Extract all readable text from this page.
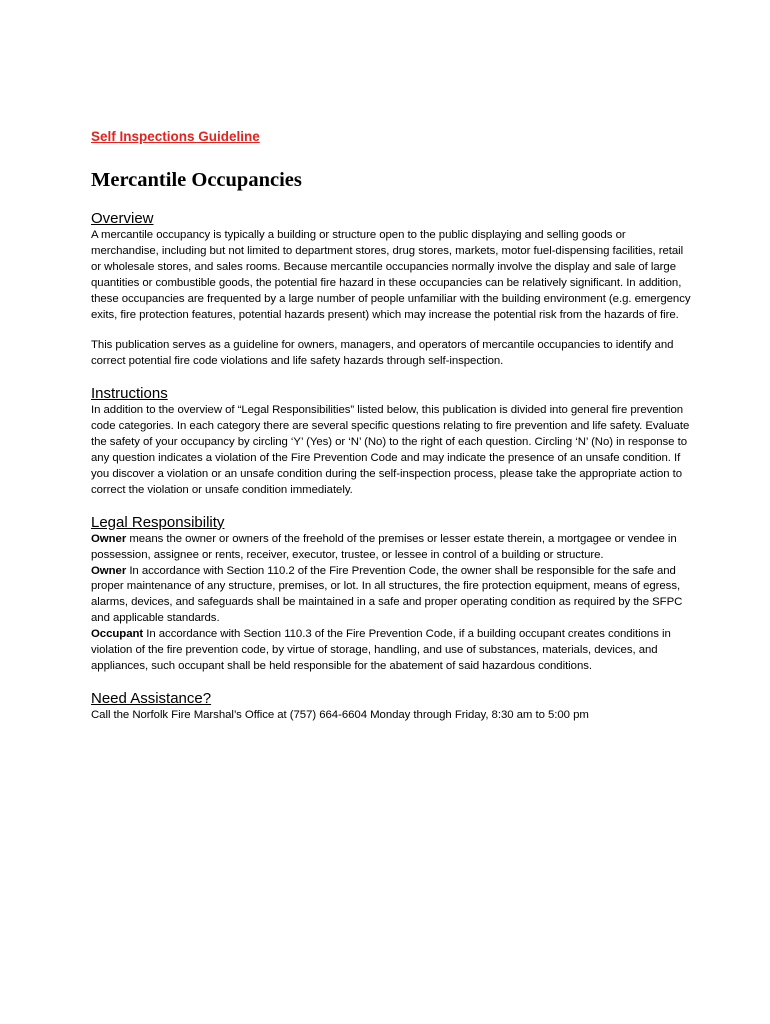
Self Inspections Guideline

Mercantile Occupancies
Overview

A mercantile occupancy is typically a building or structure open to the public displaying and selling goods or merchandise, including but not limited to department stores, drug stores, markets, motor fuel-dispensing facilities, retail or wholesale stores, and sales rooms. Because mercantile occupancies normally involve the display and sale of large quantities or combustible goods, the potential fire hazard in these occupancies can be relatively significant. In addition, these occupancies are frequented by a large number of people unfamiliar with the building environment (e.g. emergency exits, fire protection features, potential hazards present) which may increase the potential risk from the hazards of fire.

This publication serves as a guideline for owners, managers, and operators of mercantile occupancies to identify and correct potential fire code violations and life safety hazards through self-inspection.

Instructions

In addition to the overview of “Legal Responsibilities” listed below, this publication is divided into general fire prevention code categories. In each category there are several specific questions relating to fire prevention and life safety. Evaluate the safety of your occupancy by circling ‘Y’ (Yes) or ‘N’ (No) to the right of each question. Circling ‘N’ (No) in response to any question indicates a violation of the Fire Prevention Code and may indicate the presence of an unsafe condition. If you discover a violation or an unsafe condition during the self-inspection process, please take the appropriate action to correct the violation or unsafe condition immediately.

Legal Responsibility

Owner means the owner or owners of the freehold of the premises or lesser estate therein, a mortgagee or vendee in possession, assignee or rents, receiver, executor, trustee, or lessee in control of a building or structure.

Owner In accordance with Section 110.2 of the Fire Prevention Code, the owner shall be responsible for the safe and proper maintenance of any structure, premises, or lot. In all structures, the fire protection equipment, means of egress, alarms, devices, and safeguards shall be maintained in a safe and proper operating condition as required by the SFPC and applicable standards.

Occupant In accordance with Section 110.3 of the Fire Prevention Code, if a building occupant creates conditions in violation of the fire prevention code, by virtue of storage, handling, and use of substances, materials, devices, and appliances, such occupant shall be held responsible for the abatement of said hazardous conditions.

Need Assistance?

Call the Norfolk Fire Marshal’s Office at (757) 664-6604 Monday through Friday, 8:30 am to 5:00 pm
